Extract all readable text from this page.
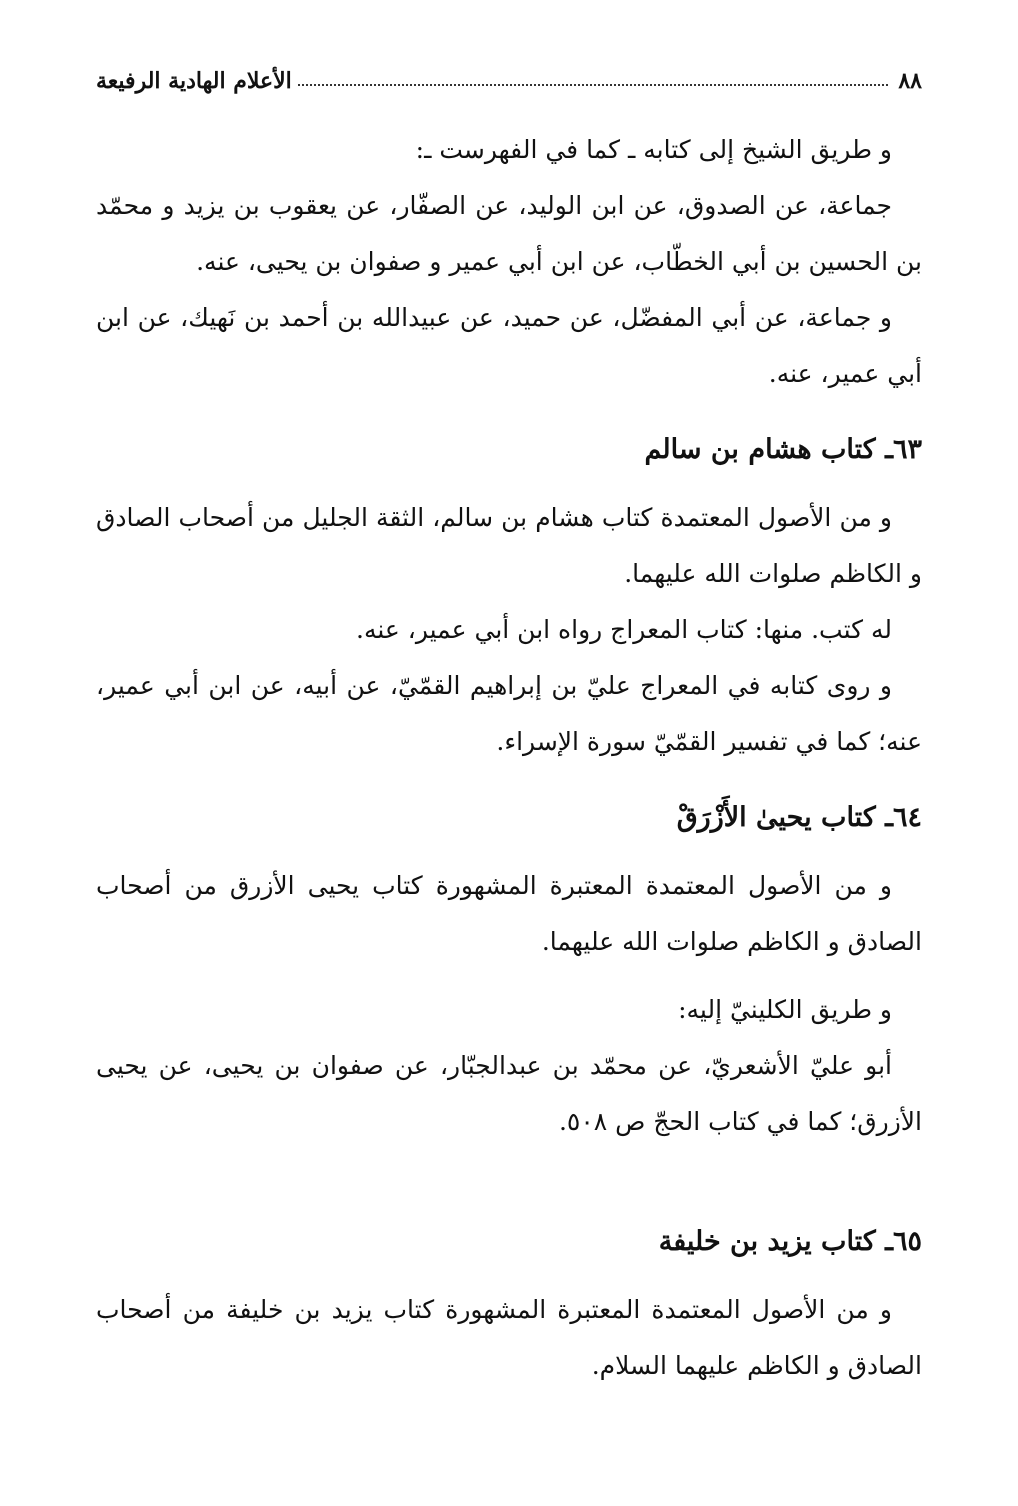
٨٨
الأعلام الهادية الرفيعة

و طريق الشيخ إلى كتابه ـ كما في الفهرست ـ:

جماعة، عن الصدوق، عن ابن الوليد، عن الصفّار، عن يعقوب بن يزيد و محمّد بن الحسين بن أبي الخطّاب، عن ابن أبي عمير و صفوان بن يحيى، عنه.

و جماعة، عن أبي المفضّل، عن حميد، عن عبيدالله بن أحمد بن نَهيك، عن ابن أبي عمير، عنه.

٦٣ـ كتاب هشام بن سالم

و من الأصول المعتمدة كتاب هشام بن سالم، الثقة الجليل من أصحاب الصادق و الكاظم صلوات الله عليهما.

له كتب. منها: كتاب المعراج رواه ابن أبي عمير، عنه.

و روى كتابه في المعراج عليّ بن إبراهيم القمّيّ، عن أبيه، عن ابن أبي عمير، عنه؛ كما في تفسير القمّيّ سورة الإسراء.

٦٤ـ كتاب يحيىٰ الأَزْرَقْ

و من الأصول المعتمدة المعتبرة المشهورة كتاب يحيى الأزرق من أصحاب الصادق و الكاظم صلوات الله عليهما.

و طريق الكلينيّ إليه:

أبو عليّ الأشعريّ، عن محمّد بن عبدالجبّار، عن صفوان بن يحيى، عن يحيى الأزرق؛ كما في كتاب الحجّ ص ٥٠٨.

٦٥ـ كتاب يزيد بن خليفة

و من الأصول المعتمدة المعتبرة المشهورة كتاب يزيد بن خليفة من أصحاب الصادق و الكاظم عليهما السلام.
